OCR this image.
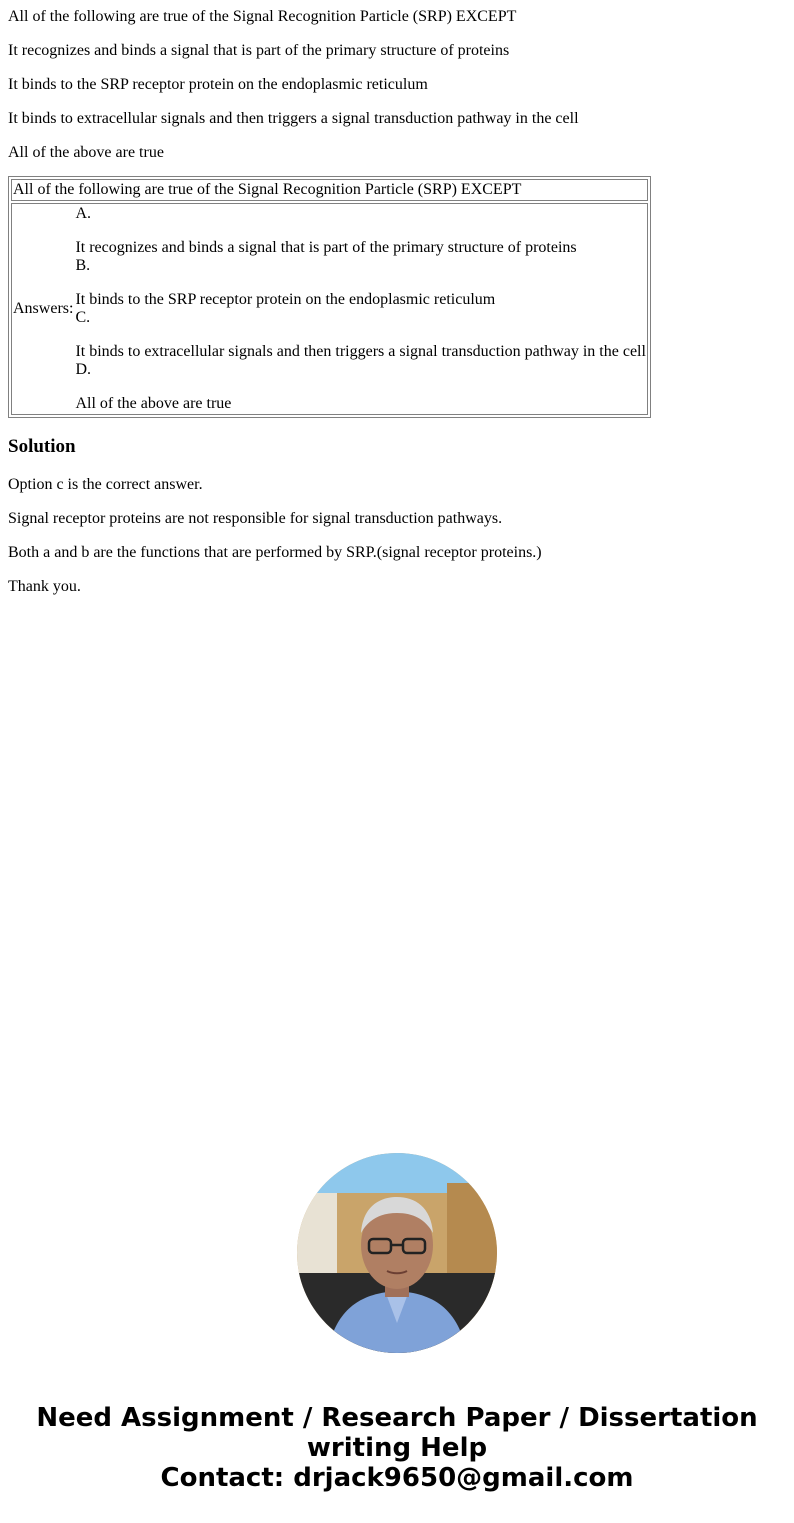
All of the following are true of the Signal Recognition Particle (SRP) EXCEPT
It recognizes and binds a signal that is part of the primary structure of proteins
It binds to the SRP receptor protein on the endoplasmic reticulum
It binds to extracellular signals and then triggers a signal transduction pathway in the cell
All of the above are true
All of the following are true of the Signal Recognition Particle (SRP) EXCEPT

Answers:	
A.
It recognizes and binds a signal that is part of the primary structure of proteins
B.
It binds to the SRP receptor protein on the endoplasmic reticulum
C.
It binds to extracellular signals and then triggers a signal transduction pathway in the cell
D.
All of the above are true
Solution
Option c is the correct answer.
Signal receptor proteins are not responsible for signal transduction pathways.
Both a and b are the functions that are performed by SRP.(signal receptor proteins.)
Thank you.
Need Assignment / Research Paper / Dissertation
writing Help
Contact: drjack9650@gmail.com
